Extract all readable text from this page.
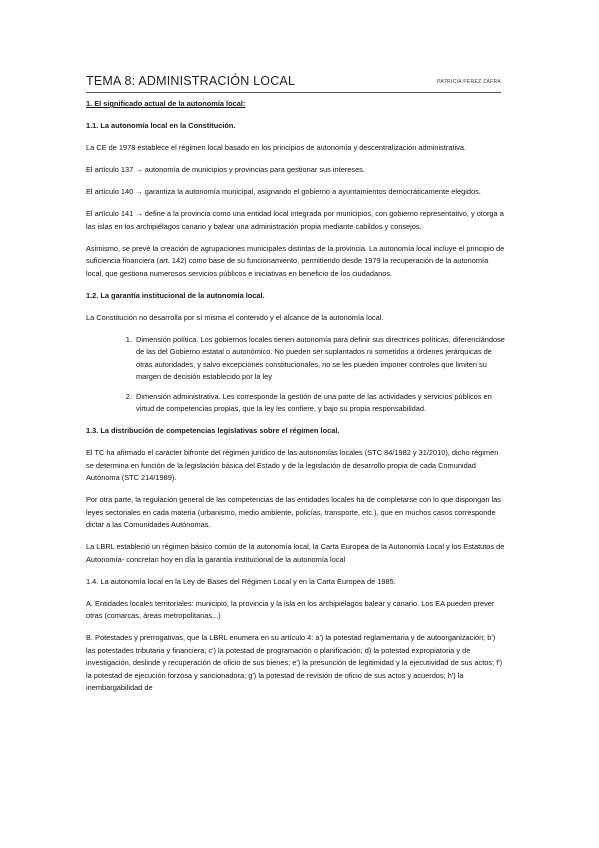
TEMA 8: ADMINISTRACIÓN LOCAL	PATRICIA PÉREZ ZAFRA

1. El significado actual de la autonomía local:

1.1. La autonomía local en la Constitución.

La CE de 1978 establece el régimen local basado en los principios de autonomía y descentralización administrativa.

El artículo 137 → autonomía de municipios y provincias para gestionar sus intereses.

El artículo 140 → garantiza la autonomía municipal, asignando el gobierno a ayuntamientos democráticamente elegidos.

El artículo 141 → define a la provincia como una entidad local integrada por municipios, con gobierno representativo, y otorga a las islas en los archipiélagos canario y balear una administración propia mediante cabildos y consejos.

Asimismo, se prevé la creación de agrupaciones municipales distintas de la provincia. La autonomía local incluye el principio de suficiencia financiera (art. 142) como base de su funcionamiento, permitiendo desde 1979 la recuperación de la autonomía local, que gestiona numerosos servicios públicos e iniciativas en beneficio de los ciudadanos.

1.2. La garantía institucional de la autonomía local.

La Constitución no desarrolla por sí misma el contenido y el alcance de la autonomía local.

1. Dimensión política. Los gobiernos locales tienen autonomía para definir sus directrices políticas, diferenciándose de las del Gobierno estatal o autonómico. No pueden ser suplantados ni sometidos a órdenes jerárquicas de otras autoridades, y salvo excepciones constitucionales, no se les pueden imponer controles que limiten su margen de decisión establecido por la ley
2. Dimensión administrativa. Les corresponde la gestión de una parte de las actividades y servicios públicos en virtud de competencias propias, que la ley les confiere, y bajo su propia responsabilidad.

1.3. La distribución de competencias legislativas sobre el régimen local.

El TC ha afirmado el carácter bifronte del régimen jurídico de las autonomías locales (STC 84/1982 y 31/2010), dicho régimen se determina en función de la legislación básica del Estado y de la legislación de desarrollo propia de cada Comunidad Autónoma (STC 214/1989).

Por otra parte, la regulación general de las competencias de las entidades locales ha de completarse con lo que dispongan las leyes sectoriales en cada materia (urbanismo, medio ambiente, policías, transporte, etc.), que en muchos casos corresponde dictar a las Comunidades Autónomas.

La LBRL estableció un régimen básico común de la autonomía local, la Carta Europea de la Autonomía Local y los Estatutos de Autonomía- concretan hoy en día la garantía institucional de la autonomía local

1.4. La autonomía local en la Ley de Bases del Régimen Local y en la Carta Europea de 1985.

A. Entidades locales territoriales: municipio, la provincia y la isla en los archipiélagos balear y canario. Los EA pueden prever otras (comarcas, áreas metropolitanas...)

B. Potestades y prerrogativas, que la LBRL enumera en su artículo 4: a') la potestad reglamentaria y de autoorganización; b') las potestades tributaria y financiera; c') la potestad de programación o planificación; d) la potestad expropiatoria y de investigación, deslinde y recuperación de oficio de sus bienes; e') la presunción de legitimidad y la ejecutividad de sus actos; f') la potestad de ejecución forzosa y sancionadora; g') la potestad de revisión de oficio de sus actos y acuerdos; h') la inembargabilidad de
